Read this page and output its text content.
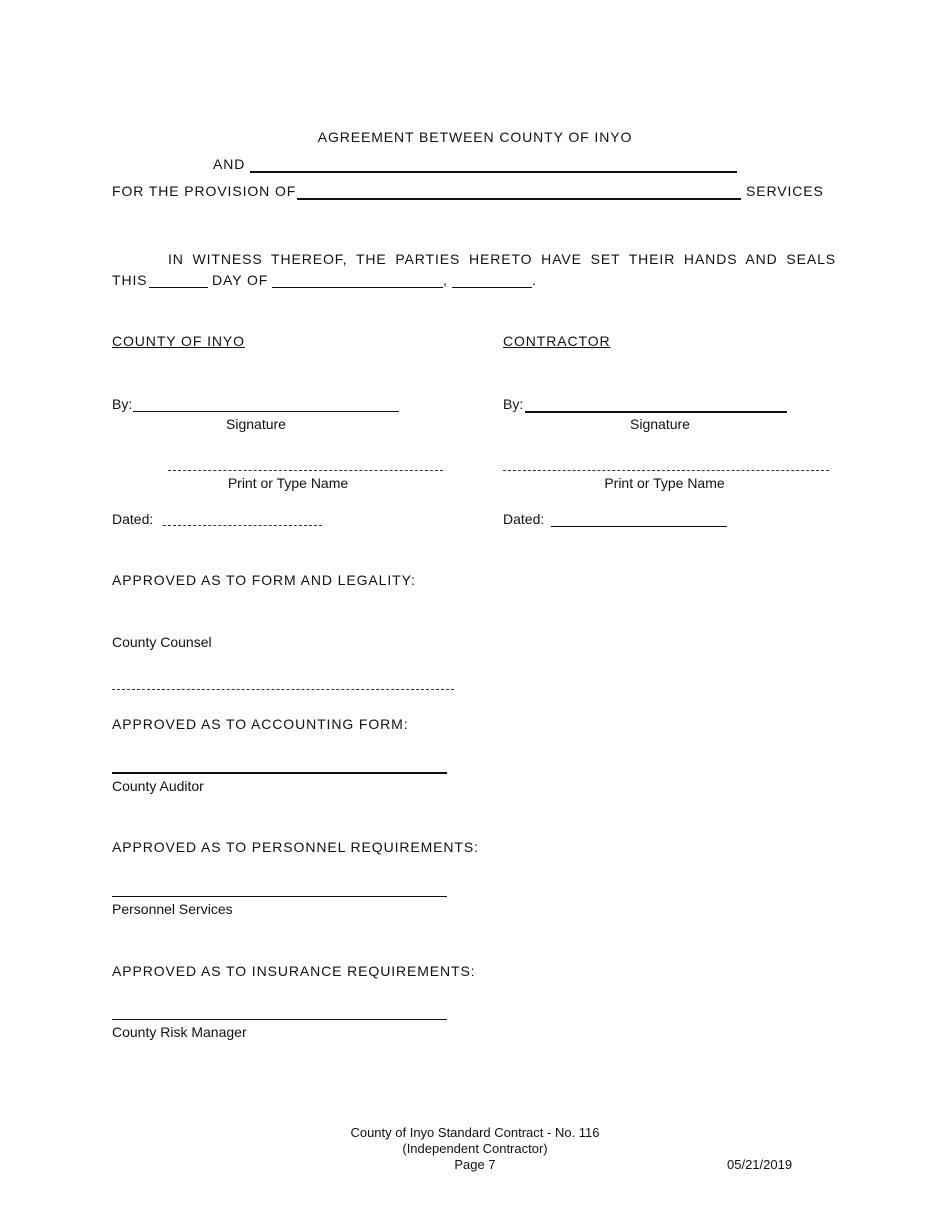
AGREEMENT BETWEEN COUNTY OF INYO
AND
FOR THE PROVISION OF	SERVICES
IN WITNESS THEREOF, THE PARTIES HERETO HAVE SET THEIR HANDS AND SEALS
THIS	DAY OF	,	.
COUNTY OF INYO
By:
Signature
Print or Type Name
Dated:
CONTRACTOR
By:
Signature
Print or Type Name
Dated:
APPROVED AS TO FORM AND LEGALITY:
County Counsel
APPROVED AS TO ACCOUNTING FORM:
County Auditor
APPROVED AS TO PERSONNEL REQUIREMENTS:
Personnel Services
APPROVED AS TO INSURANCE REQUIREMENTS:
County Risk Manager
County of Inyo Standard Contract - No. 116
(Independent Contractor)
Page 7	05/21/2019
